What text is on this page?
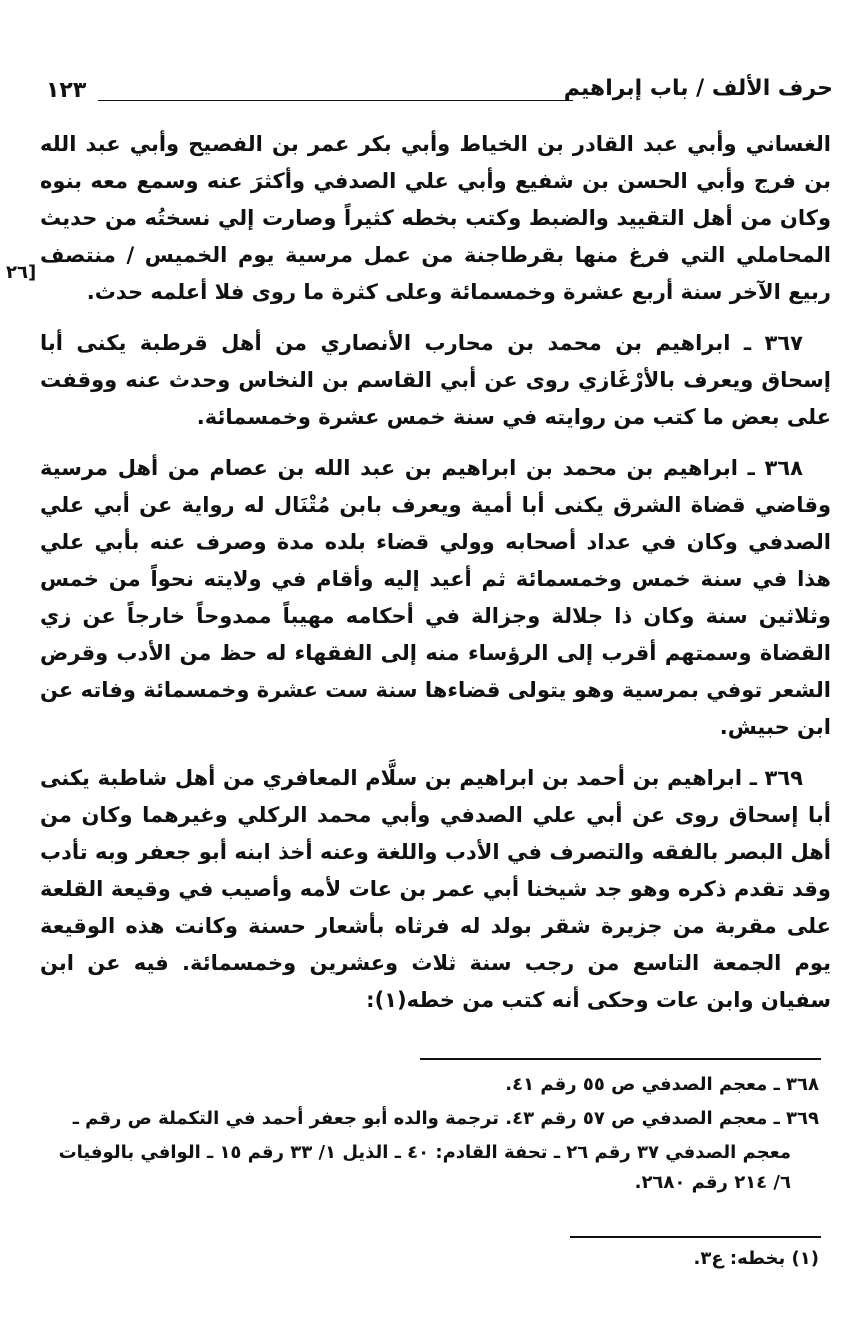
١٢٣	حرف الألف / باب إبراهيم
٢٦]

الغساني وأبي عبد القادر بن الخياط وأبي بكر عمر بن الفصيح وأبي عبد الله بن فرج وأبي الحسن بن شفيع وأبي علي الصدفي وأكثرَ عنه وسمع معه بنوه وكان من أهل التقييد والضبط وكتب بخطه كثيراً وصارت إلي نسختُه من حديث المحاملي التي فرغ منها بقرطاجنة من عمل مرسية يوم الخميس / منتصف ربيع الآخر سنة أربع عشرة وخمسمائة وعلى كثرة ما روى فلا أعلمه حدث.

٣٦٧ ـ ابراهيم بن محمد بن محارب الأنصاري من أهل قرطبة يكنى أبا إسحاق ويعرف بالأرْغَازي روى عن أبي القاسم بن النخاس وحدث عنه ووقفت على بعض ما كتب من روايته في سنة خمس عشرة وخمسمائة.

٣٦٨ ـ ابراهيم بن محمد بن ابراهيم بن عبد الله بن عصام من أهل مرسية وقاضي قضاة الشرق يكنى أبا أمية ويعرف بابن مُتْنَال له رواية عن أبي علي الصدفي وكان في عداد أصحابه وولي قضاء بلده مدة وصرف عنه بأبي علي هذا في سنة خمس وخمسمائة ثم أعيد إليه وأقام في ولايته نحواً من خمس وثلاثين سنة وكان ذا جلالة وجزالة في أحكامه مهيباً ممدوحاً خارجاً عن زي القضاة وسمتهم أقرب إلى الرؤساء منه إلى الفقهاء له حظ من الأدب وقرض الشعر توفي بمرسية وهو يتولى قضاءها سنة ست عشرة وخمسمائة وفاته عن ابن حبيش.

٣٦٩ ـ ابراهيم بن أحمد بن ابراهيم بن سلَّام المعافري من أهل شاطبة يكنى أبا إسحاق روى عن أبي علي الصدفي وأبي محمد الركلي وغيرهما وكان من أهل البصر بالفقه والتصرف في الأدب واللغة وعنه أخذ ابنه أبو جعفر وبه تأدب وقد تقدم ذكره وهو جد شيخنا أبي عمر بن عات لأمه وأصيب في وقيعة القلعة على مقربة من جزيرة شقر بولد له فرثاه بأشعار حسنة وكانت هذه الوقيعة يوم الجمعة التاسع من رجب سنة ثلاث وعشرين وخمسمائة. فيه عن ابن سفيان وابن عات وحكى أنه كتب من خطه(١):

٣٦٨ ـ معجم الصدفي ص ٥٥ رقم ٤١.

٣٦٩ ـ معجم الصدفي ص ٥٧ رقم ٤٣. ترجمة والده أبو جعفر أحمد في التكملة ص رقم ـ

معجم الصدفي ٣٧ رقم ٢٦ ـ تحفة القادم: ٤٠ ـ الذيل ١/ ٣٣ رقم ١٥ ـ الوافي بالوفيات ٦/ ٢١٤ رقم ٢٦٨٠.

(١) بخطه: ع٣.
